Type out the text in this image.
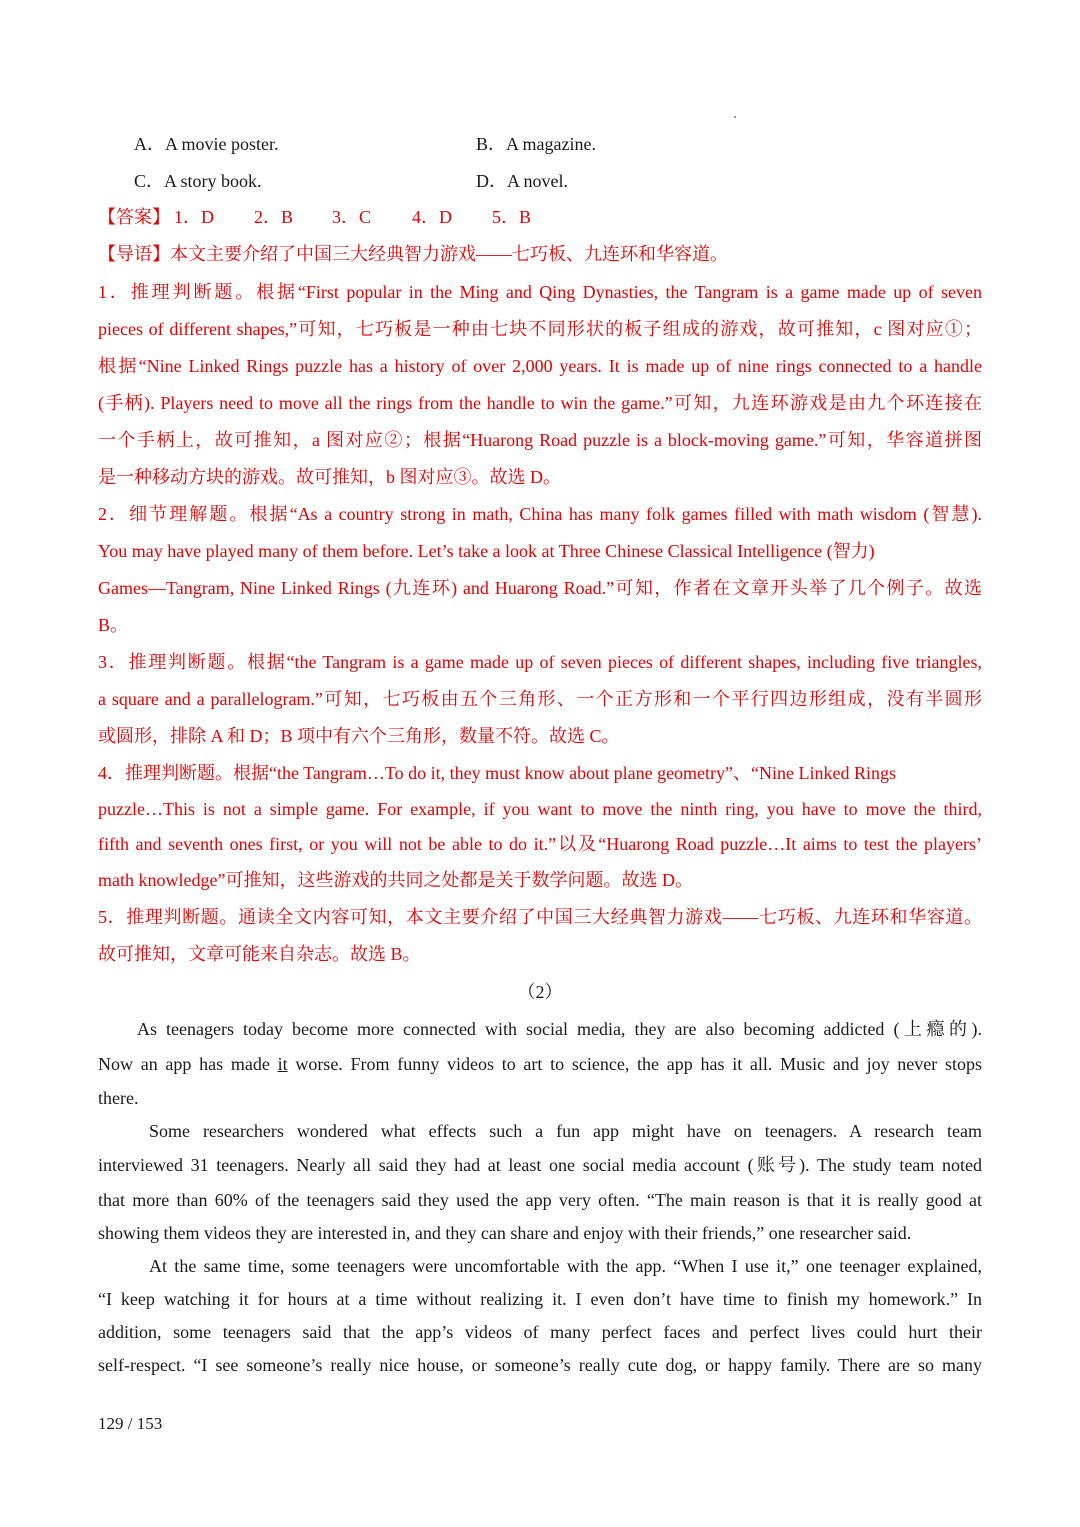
A．A movie poster.	B．A magazine.
C．A story book.	D．A novel.
【答案】 1．D 2．B 3．C 4．D 5．B
【导语】本文主要介绍了中国三大经典智力游戏——七巧板、九连环和华容道。
1．推理判断题。根据“First popular in the Ming and Qing Dynasties, the Tangram is a game made up of seven
pieces of different shapes,”可知，七巧板是一种由七块不同形状的板子组成的游戏，故可推知，c 图对应①；
根据“Nine Linked Rings puzzle has a history of over 2,000 years. It is made up of nine rings connected to a handle
(手柄). Players need to move all the rings from the handle to win the game.”可知，九连环游戏是由九个环连接在
一个手柄上，故可推知，a 图对应②；根据“Huarong Road puzzle is a block-moving game.”可知，华容道拼图
是一种移动方块的游戏。故可推知，b 图对应③。故选 D。
2．细节理解题。根据“As a country strong in math, China has many folk games filled with math wisdom (智慧).
You may have played many of them before. Let’s take a look at Three Chinese Classical Intelligence (智力)
Games—Tangram, Nine Linked Rings (九连环) and Huarong Road.”可知，作者在文章开头举了几个例子。故选
B。
3．推理判断题。根据“the Tangram is a game made up of seven pieces of different shapes, including five triangles,
a square and a parallelogram.”可知，七巧板由五个三角形、一个正方形和一个平行四边形组成，没有半圆形
或圆形，排除 A 和 D；B 项中有六个三角形，数量不符。故选 C。
4．推理判断题。根据“the Tangram…To do it, they must know about plane geometry”、“Nine Linked Rings
puzzle…This is not a simple game. For example, if you want to move the ninth ring, you have to move the third,
fifth and seventh ones first, or you will not be able to do it.”以及“Huarong Road puzzle…It aims to test the players’
math knowledge”可推知，这些游戏的共同之处都是关于数学问题。故选 D。
5．推理判断题。通读全文内容可知，本文主要介绍了中国三大经典智力游戏——七巧板、九连环和华容道。
故可推知，文章可能来自杂志。故选 B。
（2）
As teenagers today become more connected with social media, they are also becoming addicted (上瘾的).
Now an app has made it worse. From funny videos to art to science, the app has it all. Music and joy never stops
there.
Some researchers wondered what effects such a fun app might have on teenagers. A research team
interviewed 31 teenagers. Nearly all said they had at least one social media account (账号). The study team noted
that more than 60% of the teenagers said they used the app very often. “The main reason is that it is really good at
showing them videos they are interested in, and they can share and enjoy with their friends,” one researcher said.
At the same time, some teenagers were uncomfortable with the app. “When I use it,” one teenager explained,
“I keep watching it for hours at a time without realizing it. I even don’t have time to finish my homework.” In
addition, some teenagers said that the app’s videos of many perfect faces and perfect lives could hurt their
self-respect. “I see someone’s really nice house, or someone’s really cute dog, or happy family. There are so many
129 / 153
